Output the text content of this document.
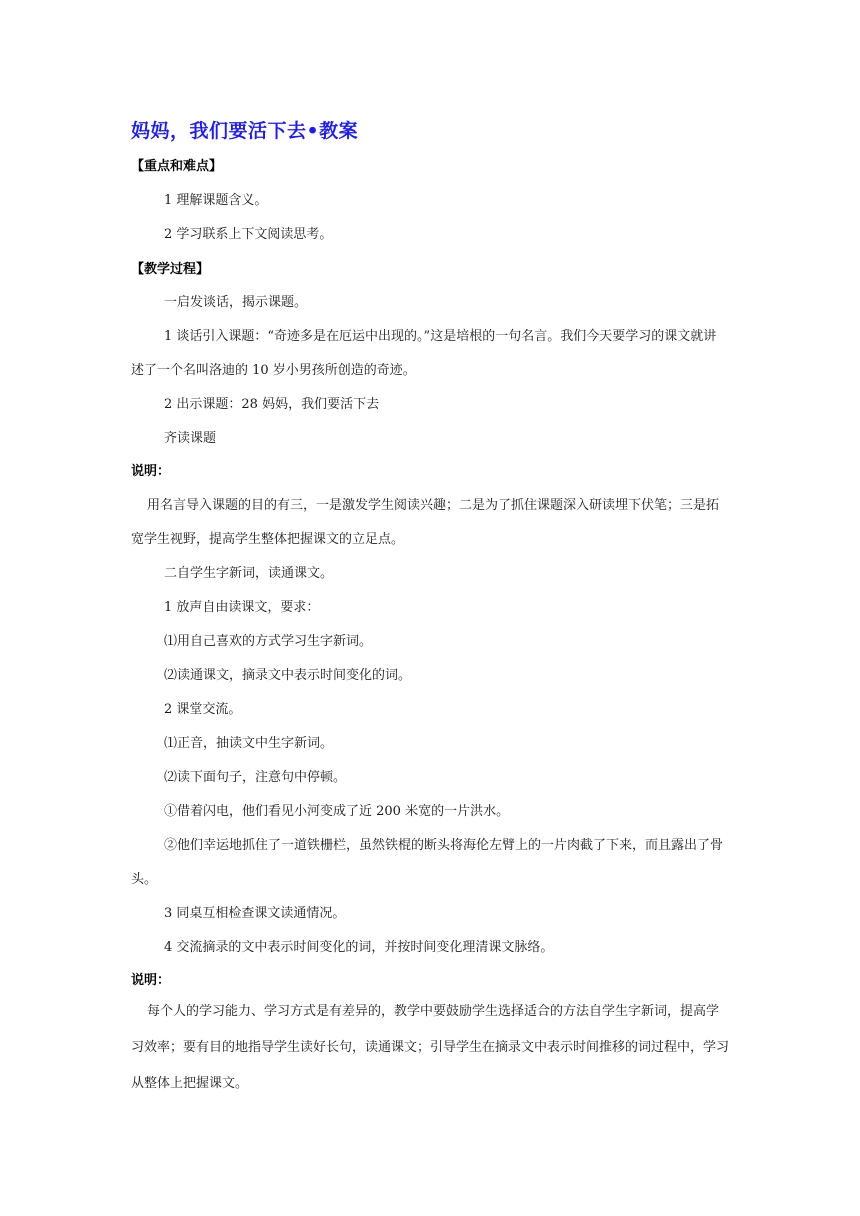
妈妈，我们要活下去•教案
【重点和难点】
1 理解课题含义。
2 学习联系上下文阅读思考。
【教学过程】
一启发谈话，揭示课题。
1 谈话引入课题：“奇迹多是在厄运中出现的。”这是培根的一句名言。我们今天要学习的课文就讲
述了一个名叫洛迪的 10 岁小男孩所创造的奇迹。
2 出示课题：28 妈妈，我们要活下去
齐读课题
说明：
用名言导入课题的目的有三，一是激发学生阅读兴趣；二是为了抓住课题深入研读埋下伏笔；三是拓
宽学生视野，提高学生整体把握课文的立足点。
二自学生字新词，读通课文。
1 放声自由读课文，要求：
⑴用自己喜欢的方式学习生字新词。
⑵读通课文，摘录文中表示时间变化的词。
2 课堂交流。
⑴正音，抽读文中生字新词。
⑵读下面句子，注意句中停顿。
①借着闪电，他们看见小河变成了近 200 米宽的一片洪水。
②他们幸运地抓住了一道铁栅栏，虽然铁棍的断头将海伦左臂上的一片肉截了下来，而且露出了骨
头。
3 同桌互相检查课文读通情况。
4 交流摘录的文中表示时间变化的词，并按时间变化理清课文脉络。
说明：
每个人的学习能力、学习方式是有差异的，教学中要鼓励学生选择适合的方法自学生字新词，提高学
习效率；要有目的地指导学生读好长句，读通课文；引导学生在摘录文中表示时间推移的词过程中，学习
从整体上把握课文。
